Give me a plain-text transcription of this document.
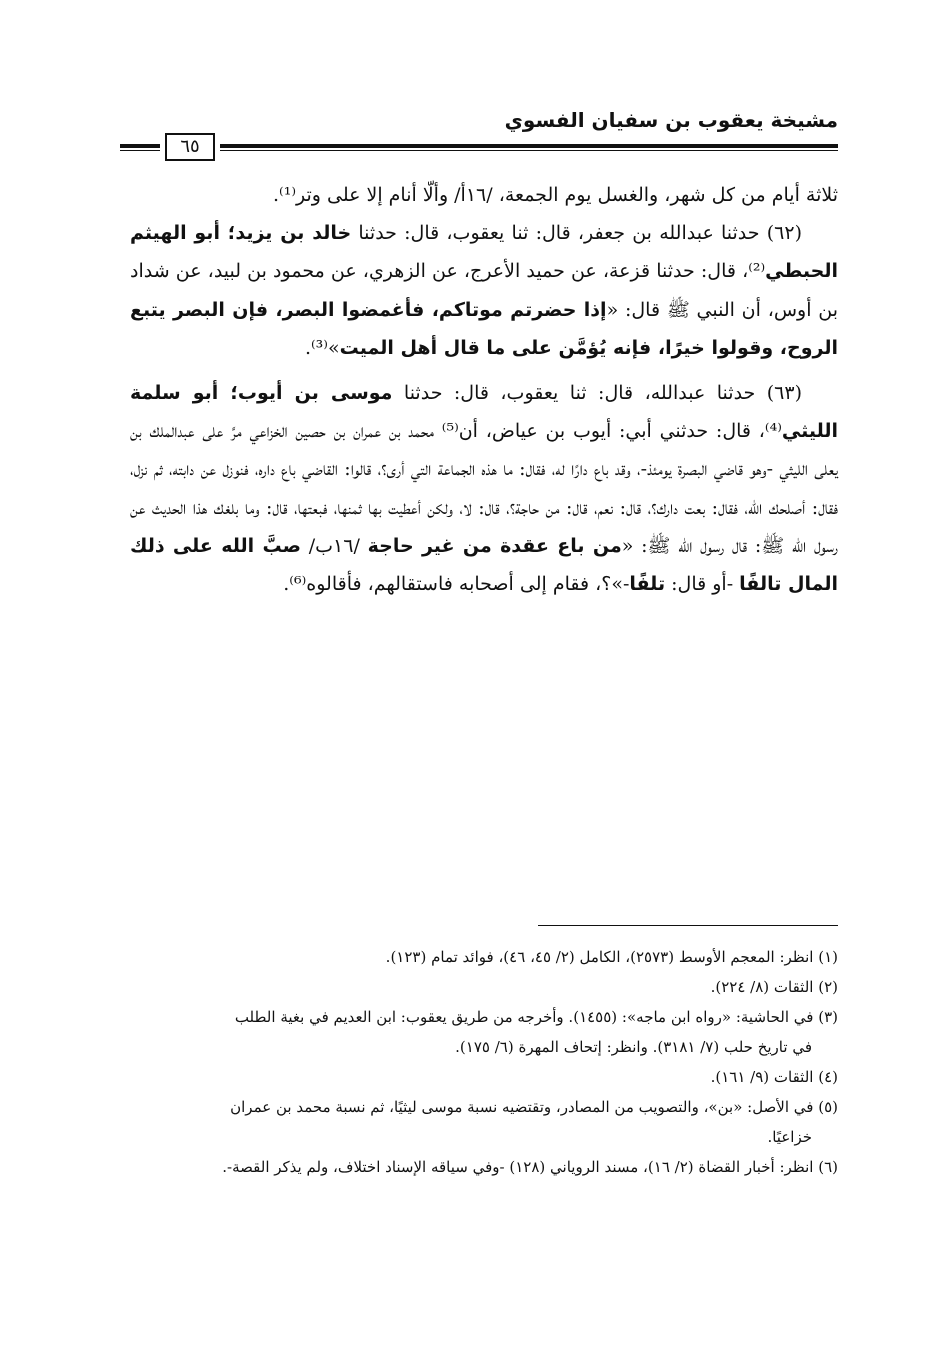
مشيخة يعقوب بن سفيان الفسوي
٦٥

ثلاثة أيام من كل شهر، والغسل يوم الجمعة، /١٦أ/ وألّا أنام إلا على وتر⁽¹⁾.

(٦٢) حدثنا عبدالله بن جعفر، قال: ثنا يعقوب، قال: حدثنا خالد بن يزيد؛ أبو الهيثم الحبطي⁽²⁾، قال: حدثنا قزعة، عن حميد الأعرج، عن الزهري، عن محمود بن لبيد، عن شداد بن أوس، أن النبي ﷺ قال: «إذا حضرتم موتاكم، فأغمضوا البصر، فإن البصر يتبع الروح، وقولوا خيرًا، فإنه يُؤمَّن على ما قال أهل الميت»⁽³⁾.

(٦٣) حدثنا عبدالله، قال: ثنا يعقوب، قال: حدثنا موسى بن أيوب؛ أبو سلمة الليثي⁽⁴⁾، قال: حدثني أبي: أيوب بن عياض، أن⁽⁵⁾ محمد بن عمران بن حصين الخزاعي مرَّ على عبدالملك بن يعلى الليثي -وهو قاضي البصرة يومئذ-، وقد باع دارًا له، فقال: ما هذه الجماعة التي أرى؟، قالوا: القاضي باع داره، فنوزل عن دابته، ثم نزل، فقال: أصلحك الله، فقال: بعت دارك؟، قال: نعم، قال: من حاجة؟، قال: لا، ولكن أعطيت بها ثمنها، فبعتها، قال: وما بلغك هذا الحديث عن رسول الله ﷺ: قال رسول الله ﷺ: «من باع عقدة من غير حاجة /١٦ب/ صبَّ الله على ذلك المال تالفًا -أو قال: تلفًا-»؟، فقام إلى أصحابه فاستقالهم، فأقالوه⁽⁶⁾.

(١) انظر: المعجم الأوسط (٢٥٧٣)، الكامل (٢/ ٤٥، ٤٦)، فوائد تمام (١٢٣).

(٢) الثقات (٨/ ٢٢٤).

(٣) في الحاشية: «رواه ابن ماجه»: (١٤٥٥). وأخرجه من طريق يعقوب: ابن العديم في بغية الطلب

في تاريخ حلب (٧/ ٣١٨١). وانظر: إتحاف المهرة (٦/ ١٧٥).

(٤) الثقات (٩/ ١٦١).

(٥) في الأصل: «بن»، والتصويب من المصادر، وتقتضيه نسبة موسى ليثيًا، ثم نسبة محمد بن عمران

خزاعيًا.

(٦) انظر: أخبار القضاة (٢/ ١٦)، مسند الروياني (١٢٨) -وفي سياقه الإسناد اختلاف، ولم يذكر القصة-.
